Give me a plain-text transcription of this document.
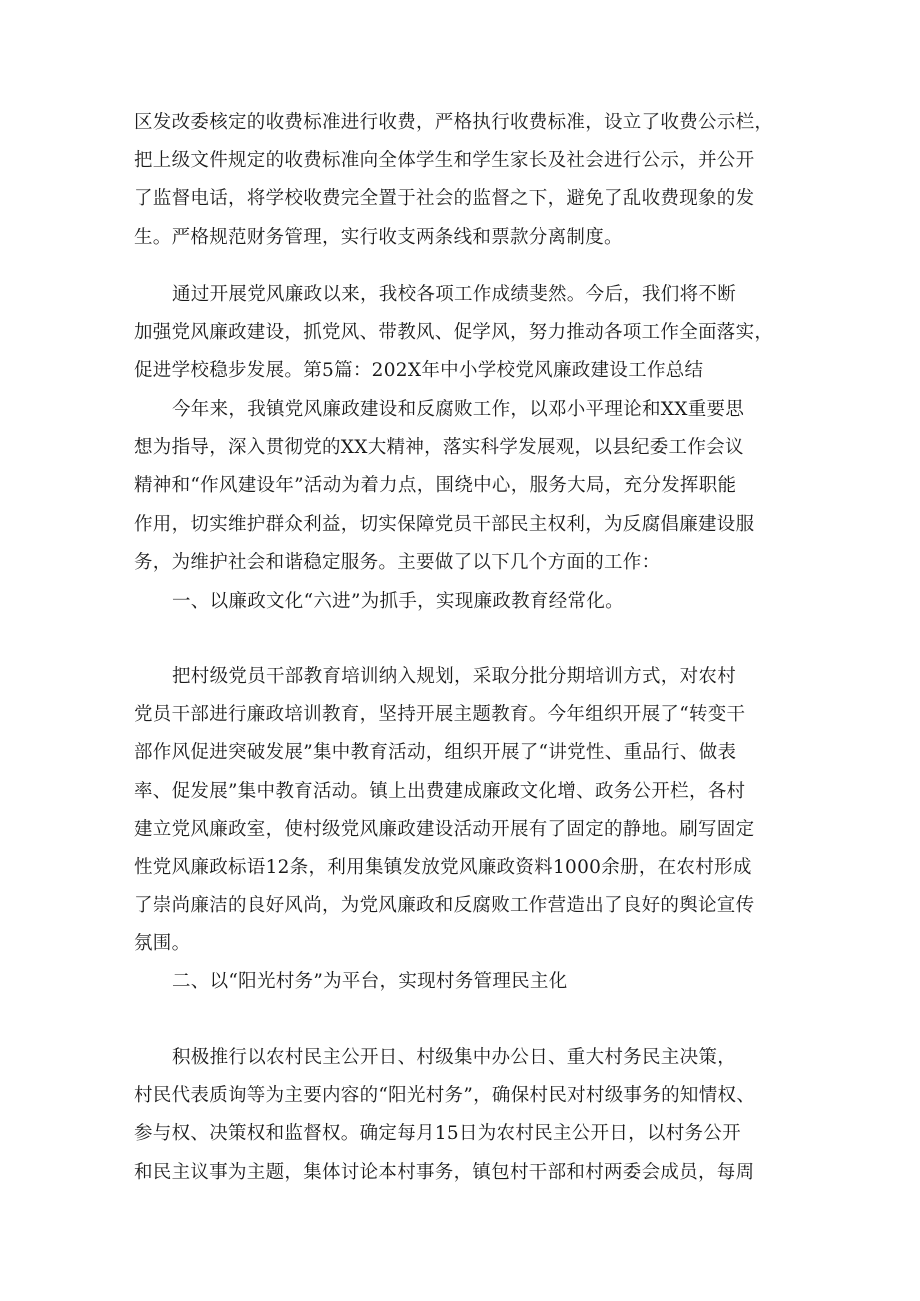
区发改委核定的收费标准进行收费，严格执行收费标准，设立了收费公示栏，
把上级文件规定的收费标准向全体学生和学生家长及社会进行公示，并公开
了监督电话，将学校收费完全置于社会的监督之下，避免了乱收费现象的发
生。严格规范财务管理，实行收支两条线和票款分离制度。
通过开展党风廉政以来，我校各项工作成绩斐然。今后，我们将不断
加强党风廉政建设，抓党风、带教风、促学风，努力推动各项工作全面落实，
促进学校稳步发展。第5篇：202X年中小学校党风廉政建设工作总结
今年来，我镇党风廉政建设和反腐败工作，以邓小平理论和XX重要思
想为指导，深入贯彻党的XX大精神，落实科学发展观，以县纪委工作会议
精神和“作风建设年”活动为着力点，围绕中心，服务大局，充分发挥职能
作用，切实维护群众利益，切实保障党员干部民主权利，为反腐倡廉建设服
务，为维护社会和谐稳定服务。主要做了以下几个方面的工作：
一、以廉政文化“六进”为抓手，实现廉政教育经常化。
把村级党员干部教育培训纳入规划，采取分批分期培训方式，对农村
党员干部进行廉政培训教育，坚持开展主题教育。今年组织开展了“转变干
部作风促进突破发展”集中教育活动，组织开展了“讲党性、重品行、做表
率、促发展”集中教育活动。镇上出费建成廉政文化增、政务公开栏，各村
建立党风廉政室，使村级党风廉政建设活动开展有了固定的静地。刷写固定
性党风廉政标语12条，利用集镇发放党风廉政资料1000余册，在农村形成
了崇尚廉洁的良好风尚，为党风廉政和反腐败工作营造出了良好的舆论宣传
氛围。
二、以“阳光村务”为平台，实现村务管理民主化
积极推行以农村民主公开日、村级集中办公日、重大村务民主决策，
村民代表质询等为主要内容的“阳光村务”，确保村民对村级事务的知情权、
参与权、决策权和监督权。确定每月15日为农村民主公开日，以村务公开
和民主议事为主题，集体讨论本村事务，镇包村干部和村两委会成员，每周
